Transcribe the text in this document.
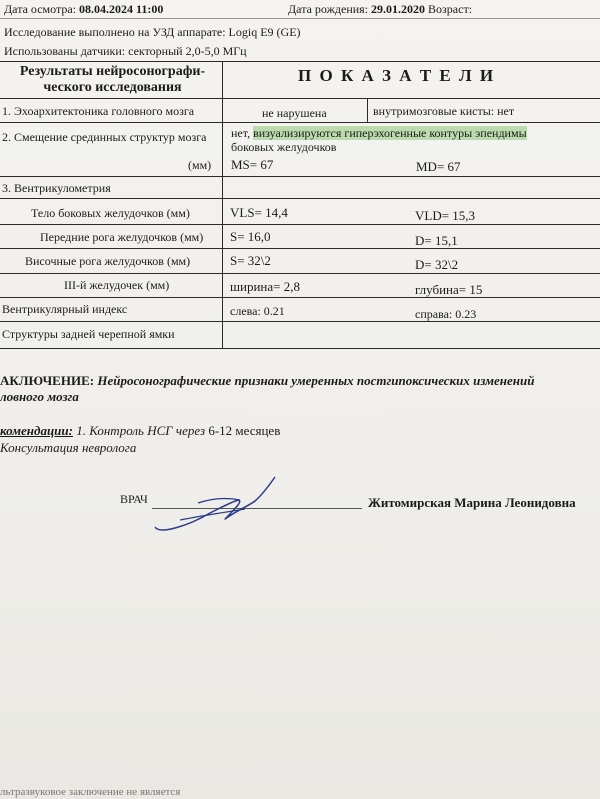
Дата осмотра: 08.04.2024 11:00	Дата рождения: 29.01.2020 Возраст:
Исследование выполнено на УЗД аппарате: Logiq E9 (GE)
Использованы датчики: секторный 2,0-5,0 МГц
Результаты нейросонографи-
ческого исследования
П О К А З А Т Е Л И
1. Эхоархитектоника головного мозга	не нарушена	внутримозговые кисты: нет
2. Смещение срединных структур мозга нет, визуализируются гиперэхогенные контуры эпендимы
боковых желудочков
(мм) MS= 67	MD= 67
3. Вентрикулометрия
Тело боковых желудочков (мм)	VLS= 14,4	VLD= 15,3
Передние рога желудочков (мм) S= 16,0	D= 15,1
Височные рога желудочков (мм)	S= 32\2	D= 32\2
III-й желудочек (мм)	ширина= 2,8	глубина= 15
Вентрикулярный индекс	слева: 0.21	справа: 0.23
Структуры задней черепной ямки
АКЛЮЧЕНИЕ: Нейросонографические признаки умеренных постгипоксических изменений
ловного мозга
комендации: 1. Контроль НСГ через 6-12 месяцев
Консультация невролога
ВРАЧ	Житомирская Марина Леонидовна
льтразвуковое заключение не является
